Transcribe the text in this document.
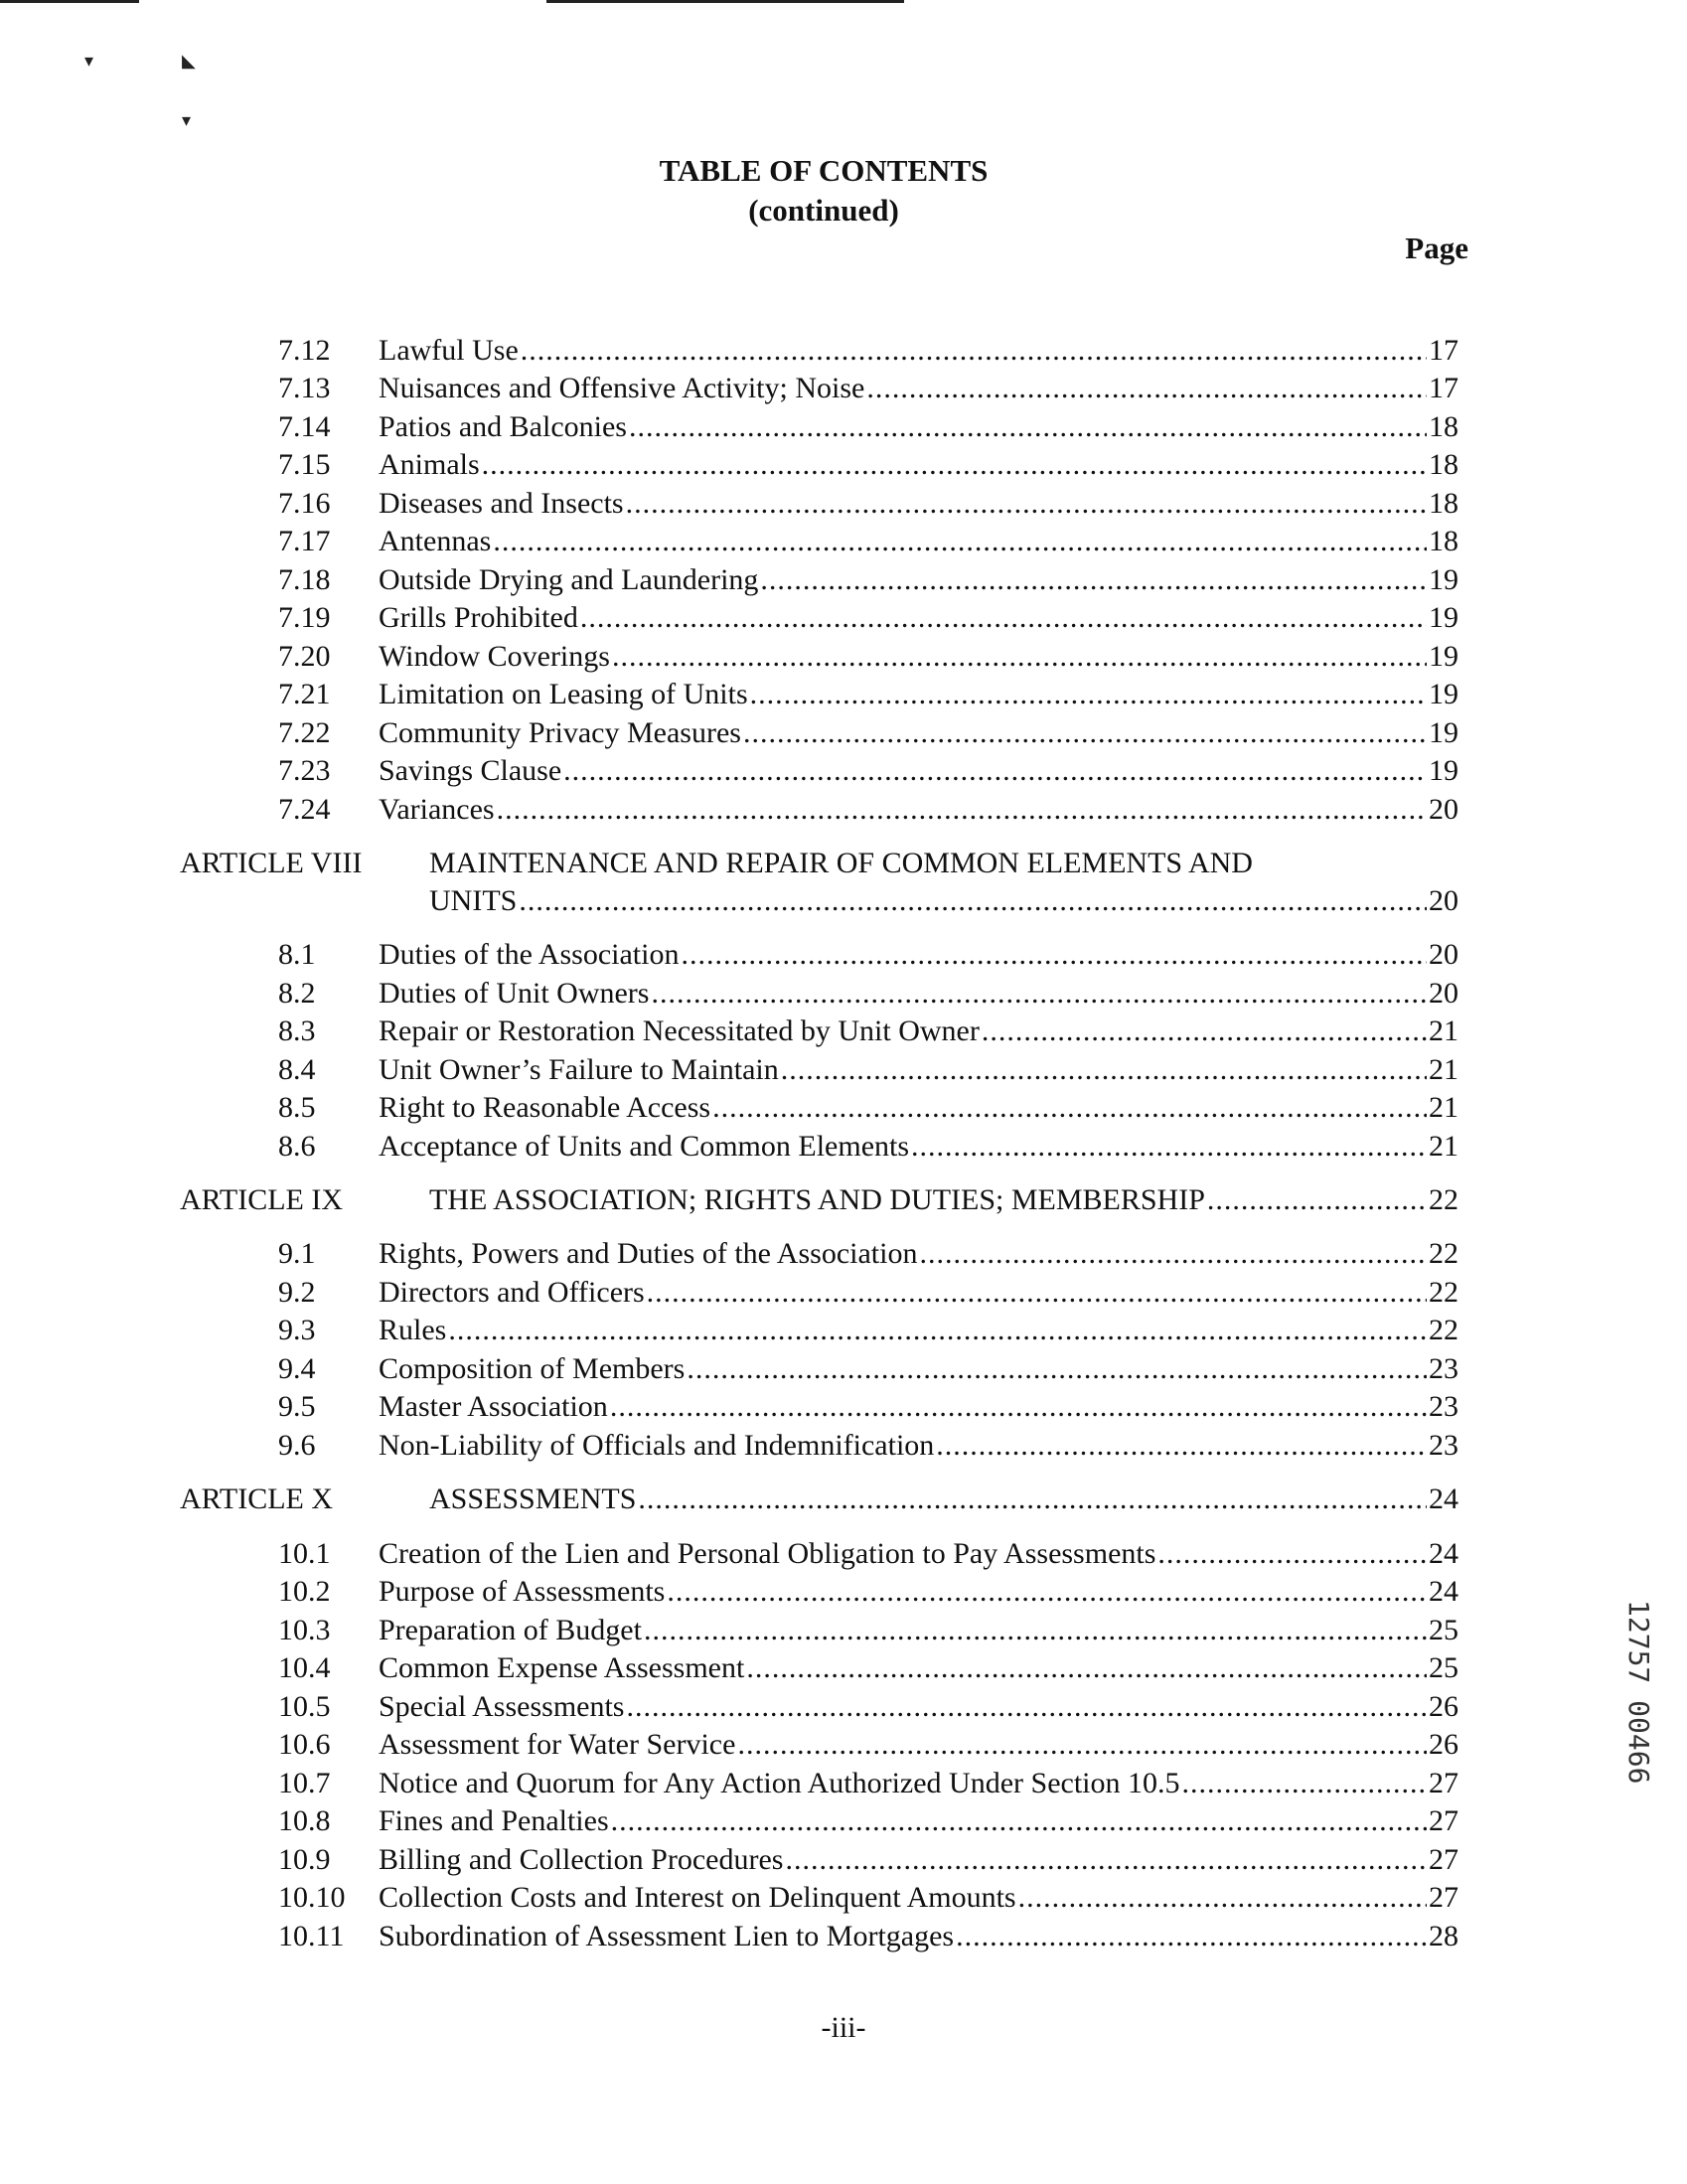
▾	◣
▾
TABLE OF CONTENTS
(continued)
Page
7.12 Lawful Use .....	17
7.13 Nuisances and Offensive Activity; Noise .....	17
7.14 Patios and Balconies .....	18
7.15 Animals .....	18
7.16 Diseases and Insects .....	18
7.17 Antennas .....	18
7.18 Outside Drying and Laundering .....	19
7.19 Grills Prohibited .....	19
7.20 Window Coverings .....	19
7.21 Limitation on Leasing of Units .....	19
7.22 Community Privacy Measures .....	19
7.23 Savings Clause .....	19
7.24 Variances .....	20
ARTICLE VIII MAINTENANCE AND REPAIR OF COMMON ELEMENTS AND
UNITS .....	20
8.1 Duties of the Association .....	20
8.2 Duties of Unit Owners .....	20
8.3 Repair or Restoration Necessitated by Unit Owner .....	21
8.4 Unit Owner’s Failure to Maintain .....	21
8.5 Right to Reasonable Access .....	21
8.6 Acceptance of Units and Common Elements .....	21
ARTICLE IX	THE ASSOCIATION; RIGHTS AND DUTIES; MEMBERSHIP .....	22
9.1 Rights, Powers and Duties of the Association .....	22
9.2 Directors and Officers .....	22
9.3 Rules .....	22
9.4 Composition of Members .....	23
9.5 Master Association .....	23
9.6 Non-Liability of Officials and Indemnification .....	23
ARTICLE X	ASSESSMENTS .....	24
10.1 Creation of the Lien and Personal Obligation to Pay Assessments .....	24
10.2 Purpose of Assessments .....	24
10.3 Preparation of Budget .....	25
10.4 Common Expense Assessment .....	25
10.5 Special Assessments .....	26
10.6 Assessment for Water Service .....	26
10.7 Notice and Quorum for Any Action Authorized Under Section 10.5 .....	27
10.8 Fines and Penalties .....	27
10.9 Billing and Collection Procedures .....	27
10.10 Collection Costs and Interest on Delinquent Amounts .....	27
10.11 Subordination of Assessment Lien to Mortgages .....	28
-iii-
12757 00466
